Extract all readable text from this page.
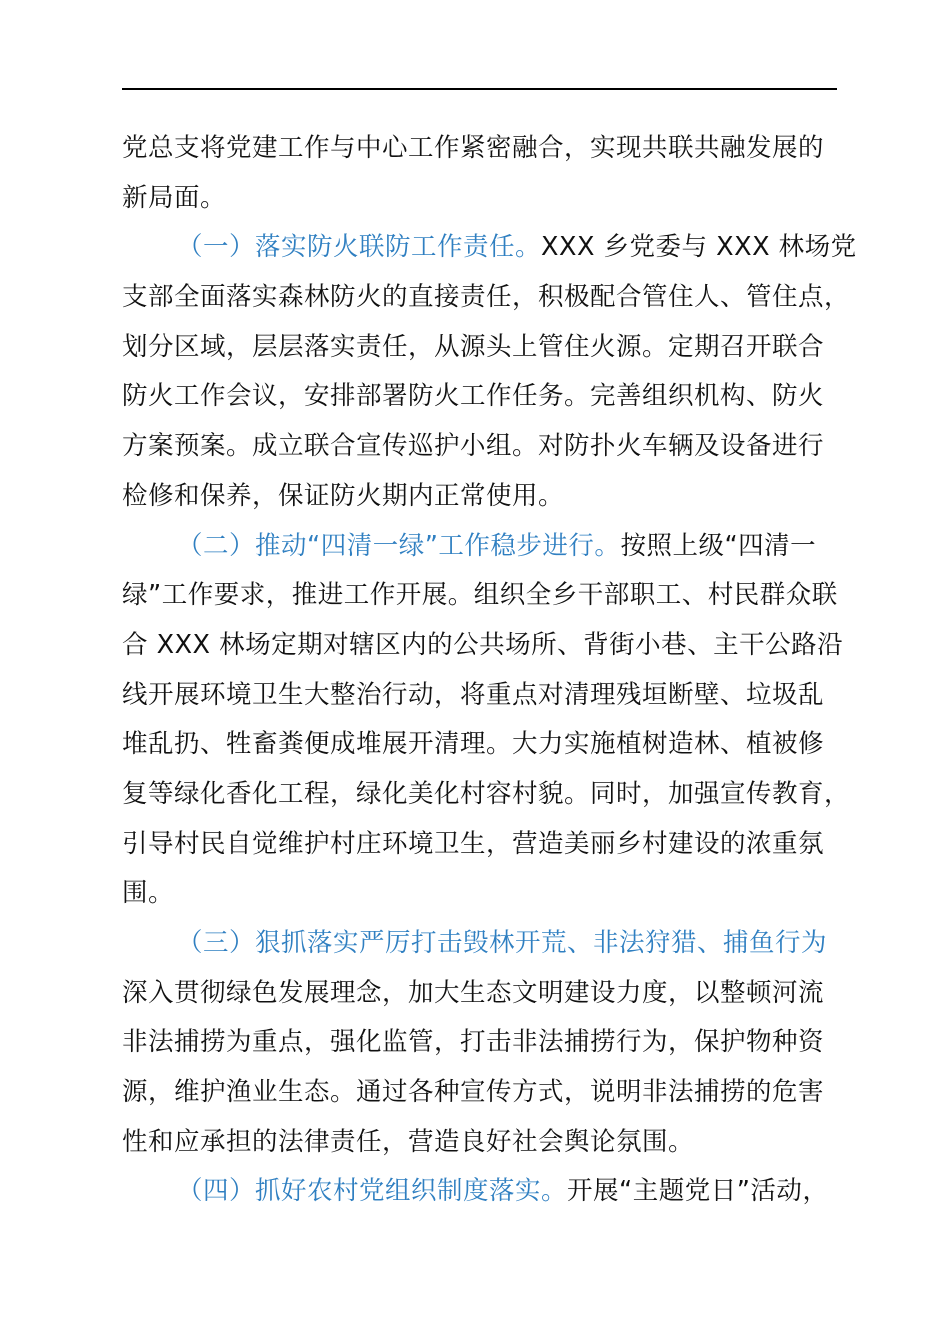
党总支将党建工作与中心工作紧密融合，实现共联共融发展的
新局面。
（一）落实防火联防工作责任。XXX 乡党委与 XXX 林场党
支部全面落实森林防火的直接责任，积极配合管住人、管住点，
划分区域，层层落实责任，从源头上管住火源。定期召开联合
防火工作会议，安排部署防火工作任务。完善组织机构、防火
方案预案。成立联合宣传巡护小组。对防扑火车辆及设备进行
检修和保养，保证防火期内正常使用。
（二）推动“四清一绿”工作稳步进行。按照上级“四清一
绿”工作要求，推进工作开展。组织全乡干部职工、村民群众联
合 XXX 林场定期对辖区内的公共场所、背街小巷、主干公路沿
线开展环境卫生大整治行动，将重点对清理残垣断壁、垃圾乱
堆乱扔、牲畜粪便成堆展开清理。大力实施植树造林、植被修
复等绿化香化工程，绿化美化村容村貌。同时，加强宣传教育，
引导村民自觉维护村庄环境卫生，营造美丽乡村建设的浓重氛
围。
（三）狠抓落实严厉打击毁林开荒、非法狩猎、捕鱼行为
深入贯彻绿色发展理念，加大生态文明建设力度，以整顿河流
非法捕捞为重点，强化监管，打击非法捕捞行为，保护物种资
源，维护渔业生态。通过各种宣传方式，说明非法捕捞的危害
性和应承担的法律责任，营造良好社会舆论氛围。
（四）抓好农村党组织制度落实。开展“主题党日”活动，
